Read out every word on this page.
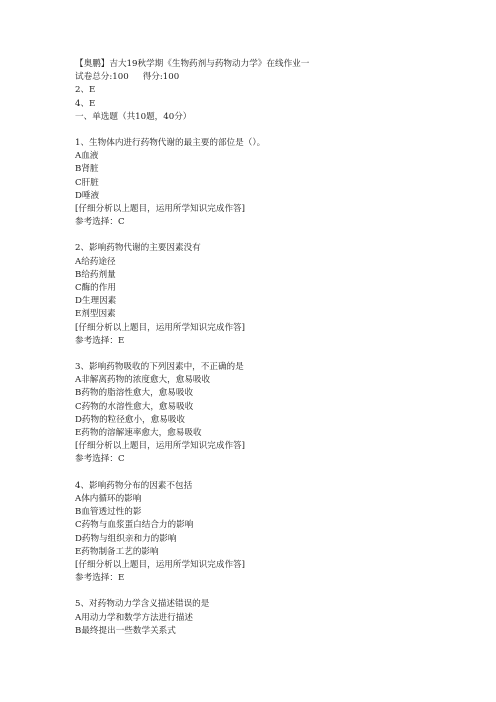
【奥鹏】吉大19秋学期《生物药剂与药物动力学》在线作业一
试卷总分:100 得分:100
2、E
4、E
一、单选题（共10题，40分）
1、生物体内进行药物代谢的最主要的部位是（）。
A血液
B肾脏
C肝脏
D唾液
[仔细分析以上题目，运用所学知识完成作答]
参考选择：C
2、影响药物代谢的主要因素没有
A给药途径
B给药剂量
C酶的作用
D生理因素
E剂型因素
[仔细分析以上题目，运用所学知识完成作答]
参考选择：E
3、影响药物吸收的下列因素中，不正确的是
A非解离药物的浓度愈大，愈易吸收
B药物的脂溶性愈大，愈易吸收
C药物的水溶性愈大，愈易吸收
D药物的粒径愈小，愈易吸收
E药物的溶解速率愈大，愈易吸收
[仔细分析以上题目，运用所学知识完成作答]
参考选择：C
4、影响药物分布的因素不包括
A体内循环的影响
B血管透过性的影
C药物与血浆蛋白结合力的影响
D药物与组织亲和力的影响
E药物制备工艺的影响
[仔细分析以上题目，运用所学知识完成作答]
参考选择：E
5、对药物动力学含义描述错误的是
A用动力学和数学方法进行描述
B最终提出一些数学关系式
